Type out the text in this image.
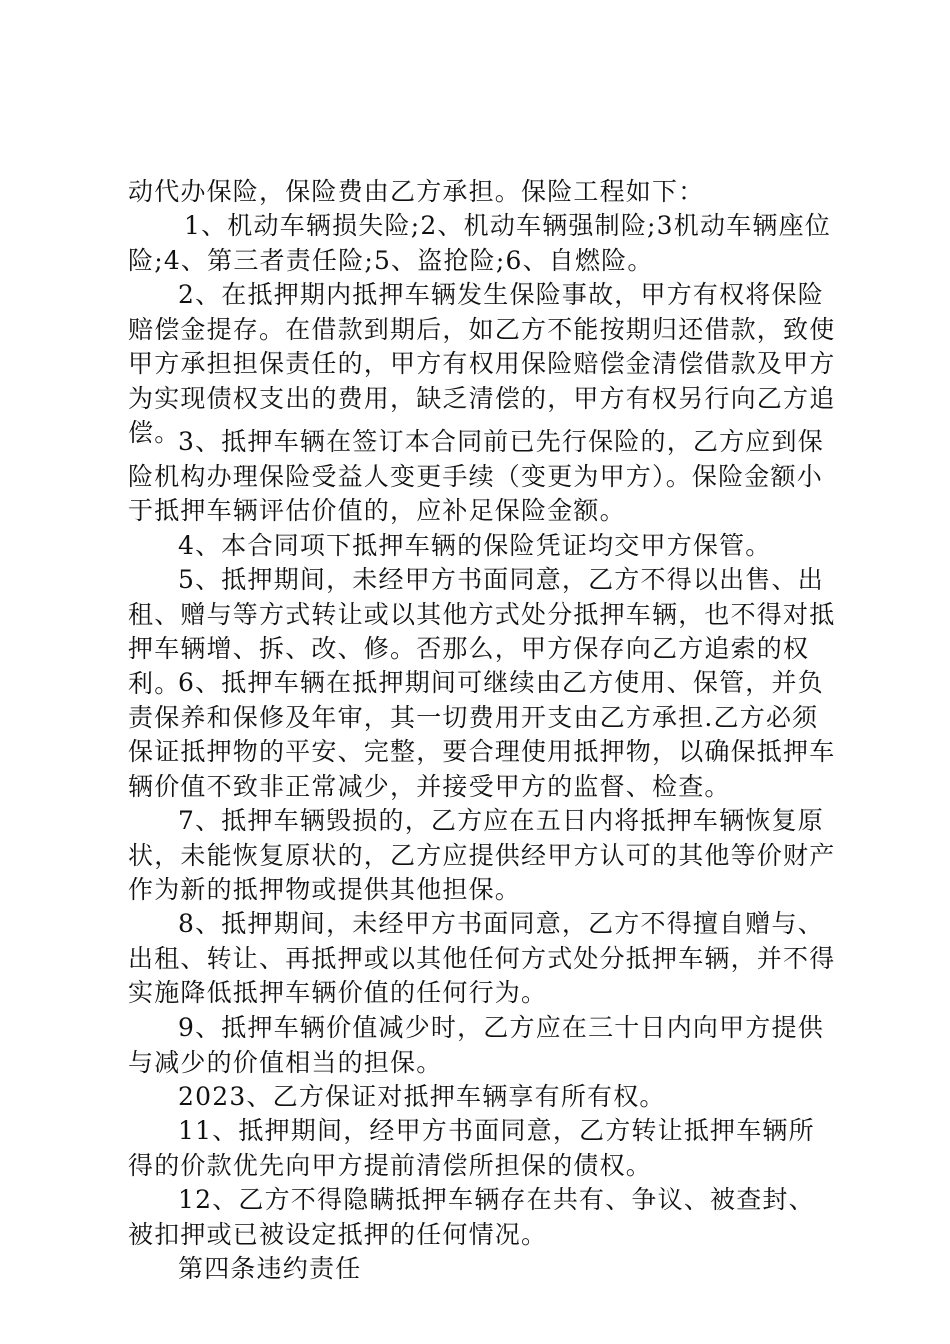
动代办保险，保险费由乙方承担。保险工程如下：

1、机动车辆损失险;2、机动车辆强制险;3机动车辆座位险;4、第三者责任险;5、盗抢险;6、自燃险。

2、在抵押期内抵押车辆发生保险事故，甲方有权将保险赔偿金提存。在借款到期后，如乙方不能按期归还借款，致使甲方承担担保责任的，甲方有权用保险赔偿金清偿借款及甲方为实现债权支出的费用，缺乏清偿的，甲方有权另行向乙方追偿。

3、抵押车辆在签订本合同前已先行保险的，乙方应到保险机构办理保险受益人变更手续（变更为甲方）。保险金额小于抵押车辆评估价值的，应补足保险金额。

4、本合同项下抵押车辆的保险凭证均交甲方保管。

5、抵押期间，未经甲方书面同意，乙方不得以出售、出租、赠与等方式转让或以其他方式处分抵押车辆，也不得对抵押车辆增、拆、改、修。否那么，甲方保存向乙方追索的权利。

6、抵押车辆在抵押期间可继续由乙方使用、保管，并负责保养和保修及年审，其一切费用开支由乙方承担.乙方必须保证抵押物的平安、完整，要合理使用抵押物，以确保抵押车辆价值不致非正常减少，并接受甲方的监督、检查。

7、抵押车辆毁损的，乙方应在五日内将抵押车辆恢复原状，未能恢复原状的，乙方应提供经甲方认可的其他等价财产作为新的抵押物或提供其他担保。

8、抵押期间，未经甲方书面同意，乙方不得擅自赠与、出租、转让、再抵押或以其他任何方式处分抵押车辆，并不得实施降低抵押车辆价值的任何行为。

9、抵押车辆价值减少时，乙方应在三十日内向甲方提供与减少的价值相当的担保。

2023、乙方保证对抵押车辆享有所有权。

11、抵押期间，经甲方书面同意，乙方转让抵押车辆所得的价款优先向甲方提前清偿所担保的债权。

12、乙方不得隐瞒抵押车辆存在共有、争议、被查封、被扣押或已被设定抵押的任何情况。

第四条违约责任
